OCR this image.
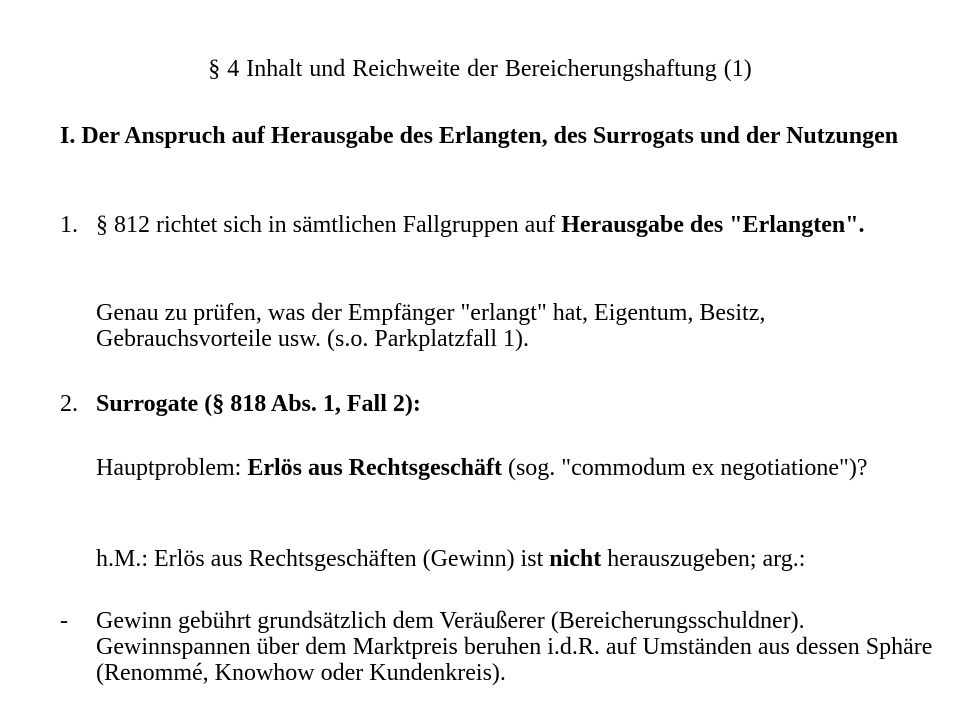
§ 4 Inhalt und Reichweite der Bereicherungshaftung (1)
I. Der Anspruch auf Herausgabe des Erlangten, des Surrogats und der Nutzungen
1. § 812 richtet sich in sämtlichen Fallgruppen auf Herausgabe des "Erlangten".
Genau zu prüfen, was der Empfänger "erlangt" hat, Eigentum, Besitz, Gebrauchsvorteile usw. (s.o. Parkplatzfall 1).
2. Surrogate (§ 818 Abs. 1, Fall 2):
Hauptproblem: Erlös aus Rechtsgeschäft (sog. "commodum ex negotiatione")?
h.M.: Erlös aus Rechtsgeschäften (Gewinn) ist nicht herauszugeben; arg.:
- Gewinn gebührt grundsätzlich dem Veräußerer (Bereicherungsschuldner). Gewinnspannen über dem Marktpreis beruhen i.d.R. auf Umständen aus dessen Sphäre (Renommé, Knowhow oder Kundenkreis).
